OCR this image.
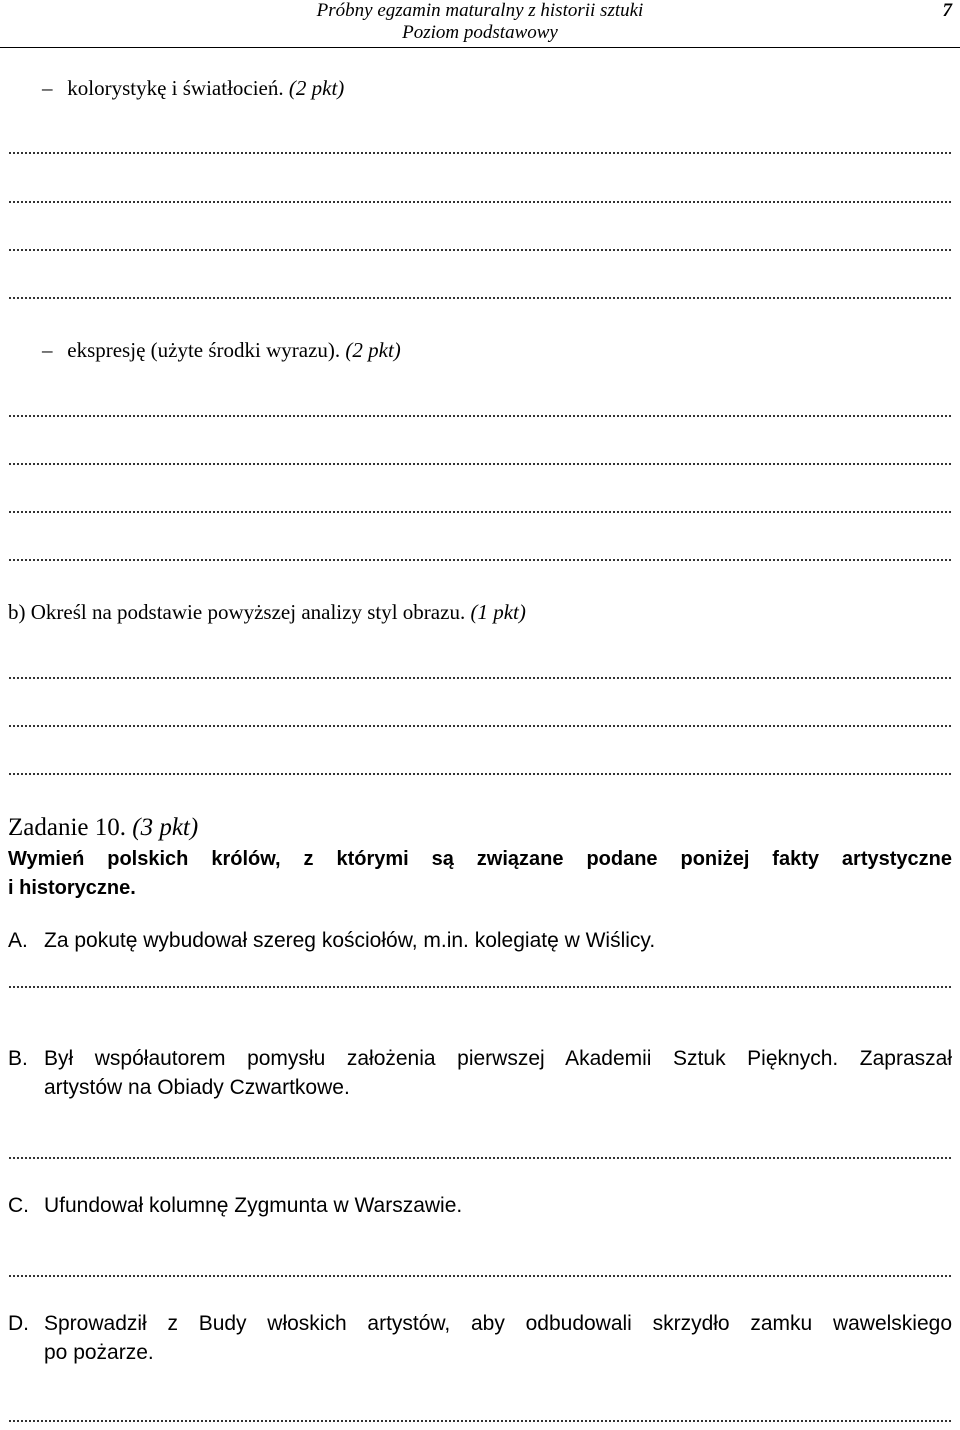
Próbny egzamin maturalny z historii sztuki
Poziom podstawowy
7
– kolorystykę i światłocień. (2 pkt)
– ekspresję (użyte środki wyrazu). (2 pkt)
b) Określ na podstawie powyższej analizy styl obrazu. (1 pkt)
Zadanie 10. (3 pkt)
Wymień polskich królów, z którymi są związane podane poniżej fakty artystyczne
i historyczne.
A. Za pokutę wybudował szereg kościołów, m.in. kolegiatę w Wiślicy.
B. Był współautorem pomysłu założenia pierwszej Akademii Sztuk Pięknych. Zapraszał
artystów na Obiady Czwartkowe.
C. Ufundował kolumnę Zygmunta w Warszawie.
D. Sprowadził z Budy włoskich artystów, aby odbudowali skrzydło zamku wawelskiego
po pożarze.
